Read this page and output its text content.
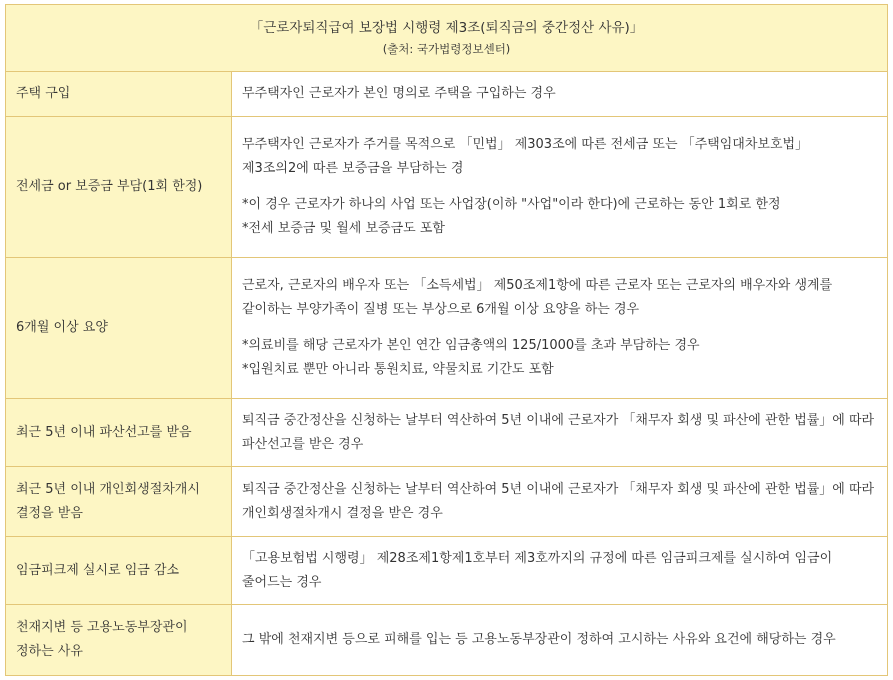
「근로자퇴직급여 보장법 시행령 제3조(퇴직금의 중간정산 사유)」
(출처: 국가법령정보센터)	

주택 구입	무주택자인 근로자가 본인 명의로 주택을 구입하는 경우

전세금 or 보증금 부담(1회 한정)	무주택자인 근로자가 주거를 목적으로 「민법」 제303조에 따른 전세금 또는 「주택임대차보호법」 제3조의2에 따른 보증금을 부담하는 경
*이 경우 근로자가 하나의 사업 또는 사업장(이하 "사업"이라 한다)에 근로하는 동안 1회로 한정
*전세 보증금 및 월세 보증금도 포함

6개월 이상 요양	근로자, 근로자의 배우자 또는 「소득세법」 제50조제1항에 따른 근로자 또는 근로자의 배우자와 생계를 같이하는 부양가족이 질병 또는 부상으로 6개월 이상 요양을 하는 경우
*의료비를 해당 근로자가 본인 연간 임금총액의 125/1000를 초과 부담하는 경우
*입원치료 뿐만 아니라 통원치료, 약물치료 기간도 포함

최근 5년 이내 파산선고를 받음	퇴직금 중간정산을 신청하는 날부터 역산하여 5년 이내에 근로자가 「채무자 회생 및 파산에 관한 법률」에 따라 파산선고를 받은 경우

최근 5년 이내 개인회생절차개시 결정을 받음	퇴직금 중간정산을 신청하는 날부터 역산하여 5년 이내에 근로자가 「채무자 회생 및 파산에 관한 법률」에 따라 개인회생절차개시 결정을 받은 경우

임금피크제 실시로 임금 감소	「고용보험법 시행령」 제28조제1항제1호부터 제3호까지의 규정에 따른 임금피크제를 실시하여 임금이 줄어드는 경우

천재지변 등 고용노동부장관이 정하는 사유	그 밖에 천재지변 등으로 피해를 입는 등 고용노동부장관이 정하여 고시하는 사유와 요건에 해당하는 경우
